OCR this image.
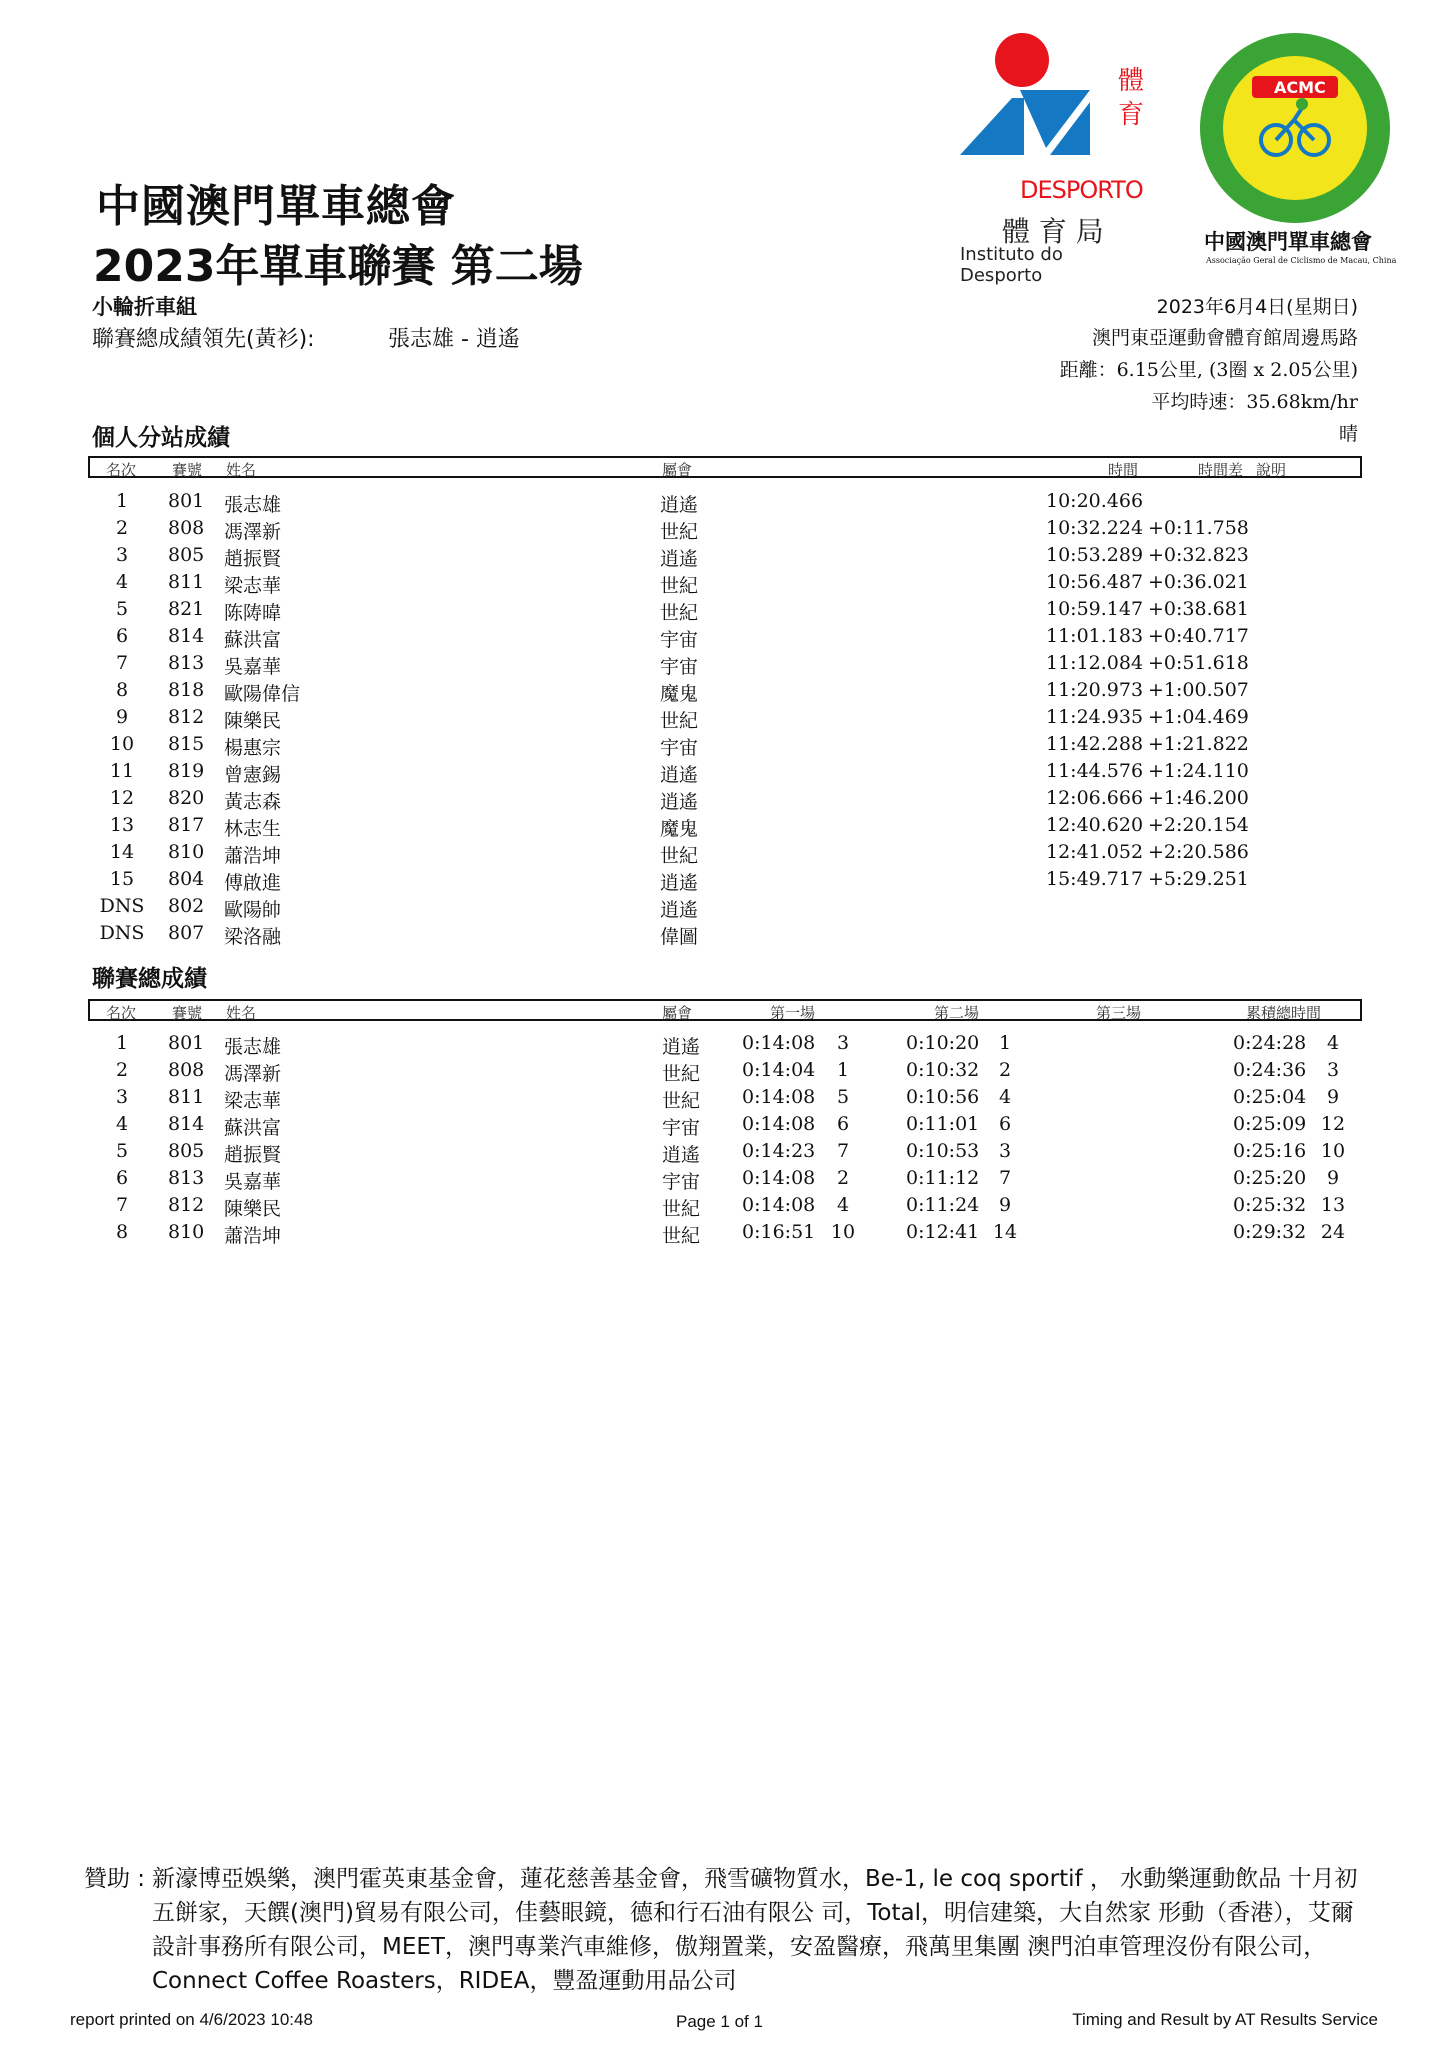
體
育
DESPORTO
體 育 局
Instituto do Desporto
ACMC
中國澳門單車總會
Associação Geral de Ciclismo de Macau, China
中國澳門單車總會
2023年單車聯賽 第二場
小輪折車組
聯賽總成績領先(黃衫):	張志雄 - 逍遙
2023年6月4日(星期日)
澳門東亞運動會體育館周邊馬路
距離：6.15公里, (3圈 x 2.05公里)
平均時速：35.68km/hr
晴
個人分站成績
名次 賽號 姓名	屬會	時間	時間差 說明
1	801 張志雄	逍遙	10:20.466
2	808 馮澤新	世紀	10:32.224 +0:11.758
3	805 趙振賢	逍遙	10:53.289 +0:32.823
4	811 梁志華	世紀	10:56.487 +0:36.021
5	821 陈陦暐	世紀	10:59.147 +0:38.681
6	814 蘇洪富	宇宙	11:01.183 +0:40.717
7	813 吳嘉華	宇宙	11:12.084 +0:51.618
8	818 歐陽偉信	魔鬼	11:20.973 +1:00.507
9	812 陳樂民	世紀	11:24.935 +1:04.469
10	815 楊惠宗	宇宙	11:42.288 +1:21.822
11	819 曾憲錫	逍遙	11:44.576 +1:24.110
12	820 黃志森	逍遙	12:06.666 +1:46.200
13	817 林志生	魔鬼	12:40.620 +2:20.154
14	810 蕭浩坤	世紀	12:41.052 +2:20.586
15	804 傅啟進	逍遙	15:49.717 +5:29.251
DNS	802 歐陽帥	逍遙
DNS	807 梁洛融	偉圖
聯賽總成績
名次 賽號 姓名	屬會	第一場	第二場	第三場	累積總時間
1	801 張志雄	逍遙 0:14:08	3	0:10:20	1	0:24:28	4
2	808 馮澤新	世紀 0:14:04	1	0:10:32	2	0:24:36	3
3	811 梁志華	世紀 0:14:08	5	0:10:56	4	0:25:04	9
4	814 蘇洪富	宇宙 0:14:08	6	0:11:01	6	0:25:09 12
5	805 趙振賢	逍遙 0:14:23	7	0:10:53	3	0:25:16 10
6	813 吳嘉華	宇宙 0:14:08	2	0:11:12	7	0:25:20	9
7	812 陳樂民	世紀 0:14:08	4	0:11:24	9	0:25:32 13
8	810 蕭浩坤	世紀 0:16:51 10	0:12:41 14	0:29:32 24
贊助 : 新濠博亞娛樂，澳門霍英東基金會，蓮花慈善基金會，飛雪礦物質水，Be-1, le coq sportif ， 水動樂運動飲品 十月初五餅家，天饌(澳門)貿易有限公司，佳藝眼鏡，德和行石油有限公 司，Total，明信建築，大自然家 形動（香港），艾爾設計事務所有限公司，MEET，澳門專業汽車維修，傲翔置業，安盈醫療，飛萬里集團 澳門泊車管理沒份有限公司，Connect Coffee Roasters，RIDEA，豐盈運動用品公司
report printed on 4/6/2023 10:48	Page 1 of 1	Timing and Result by AT Results Service
